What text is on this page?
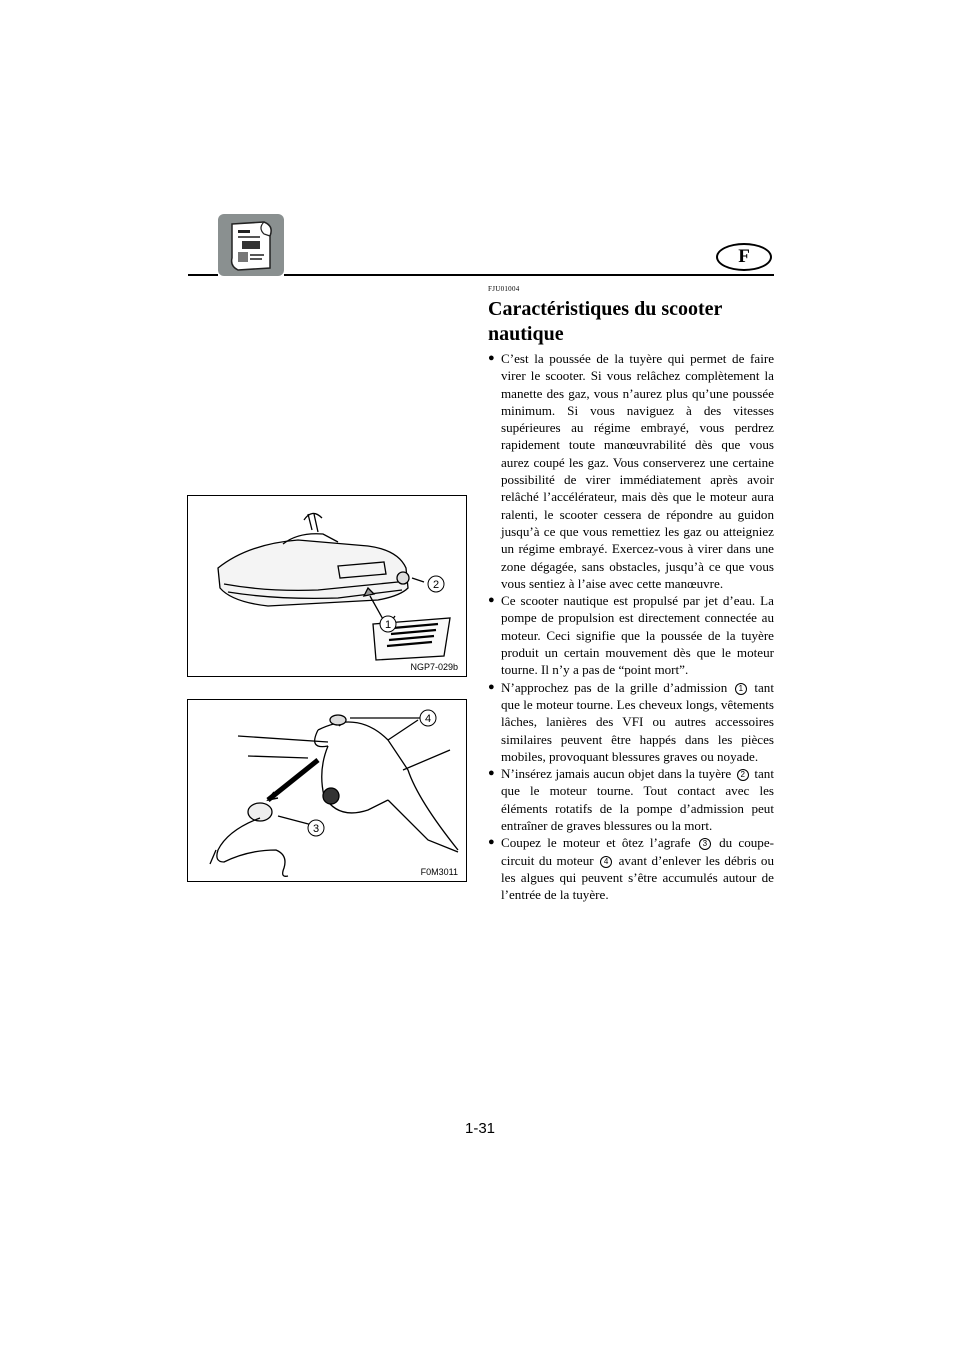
F
2
1
NGP7-029b
4
3
F0M3011
FJU01004
Caractéristiques du scooter nautique
● C’est la poussée de la tuyère qui permet de faire virer le scooter. Si vous relâchez complètement la manette des gaz, vous n’aurez plus qu’une poussée minimum. Si vous naviguez à des vitesses supérieures au régime embrayé, vous perdrez rapidement toute manœuvrabilité dès que vous aurez coupé les gaz. Vous conserverez une certaine possibilité de virer immédiatement après avoir relâché l’accélérateur, mais dès que le moteur aura ralenti, le scooter cessera de répondre au guidon jusqu’à ce que vous remettiez les gaz ou atteigniez un régime embrayé. Exercez-vous à virer dans une zone dégagée, sans obstacles, jusqu’à ce que vous vous sentiez à l’aise avec cette manœuvre.
● Ce scooter nautique est propulsé par jet d’eau. La pompe de propulsion est directement connectée au moteur. Ceci signifie que la poussée de la tuyère produit un certain mouvement dès que le moteur tourne. Il n’y a pas de “point mort”.
● N’approchez pas de la grille d’admission 1 tant que le moteur tourne. Les cheveux longs, vêtements lâches, lanières des VFI ou autres accessoires similaires peuvent être happés dans les pièces mobiles, provoquant blessures graves ou noyade.
● N’insérez jamais aucun objet dans la tuyère 2 tant que le moteur tourne. Tout contact avec les éléments rotatifs de la pompe d’admission peut entraîner de graves blessures ou la mort.
● Coupez le moteur et ôtez l’agrafe 3 du coupe-circuit du moteur 4 avant d’enlever les débris ou les algues qui peuvent s’être accumulés autour de l’entrée de la tuyère.
1-31
